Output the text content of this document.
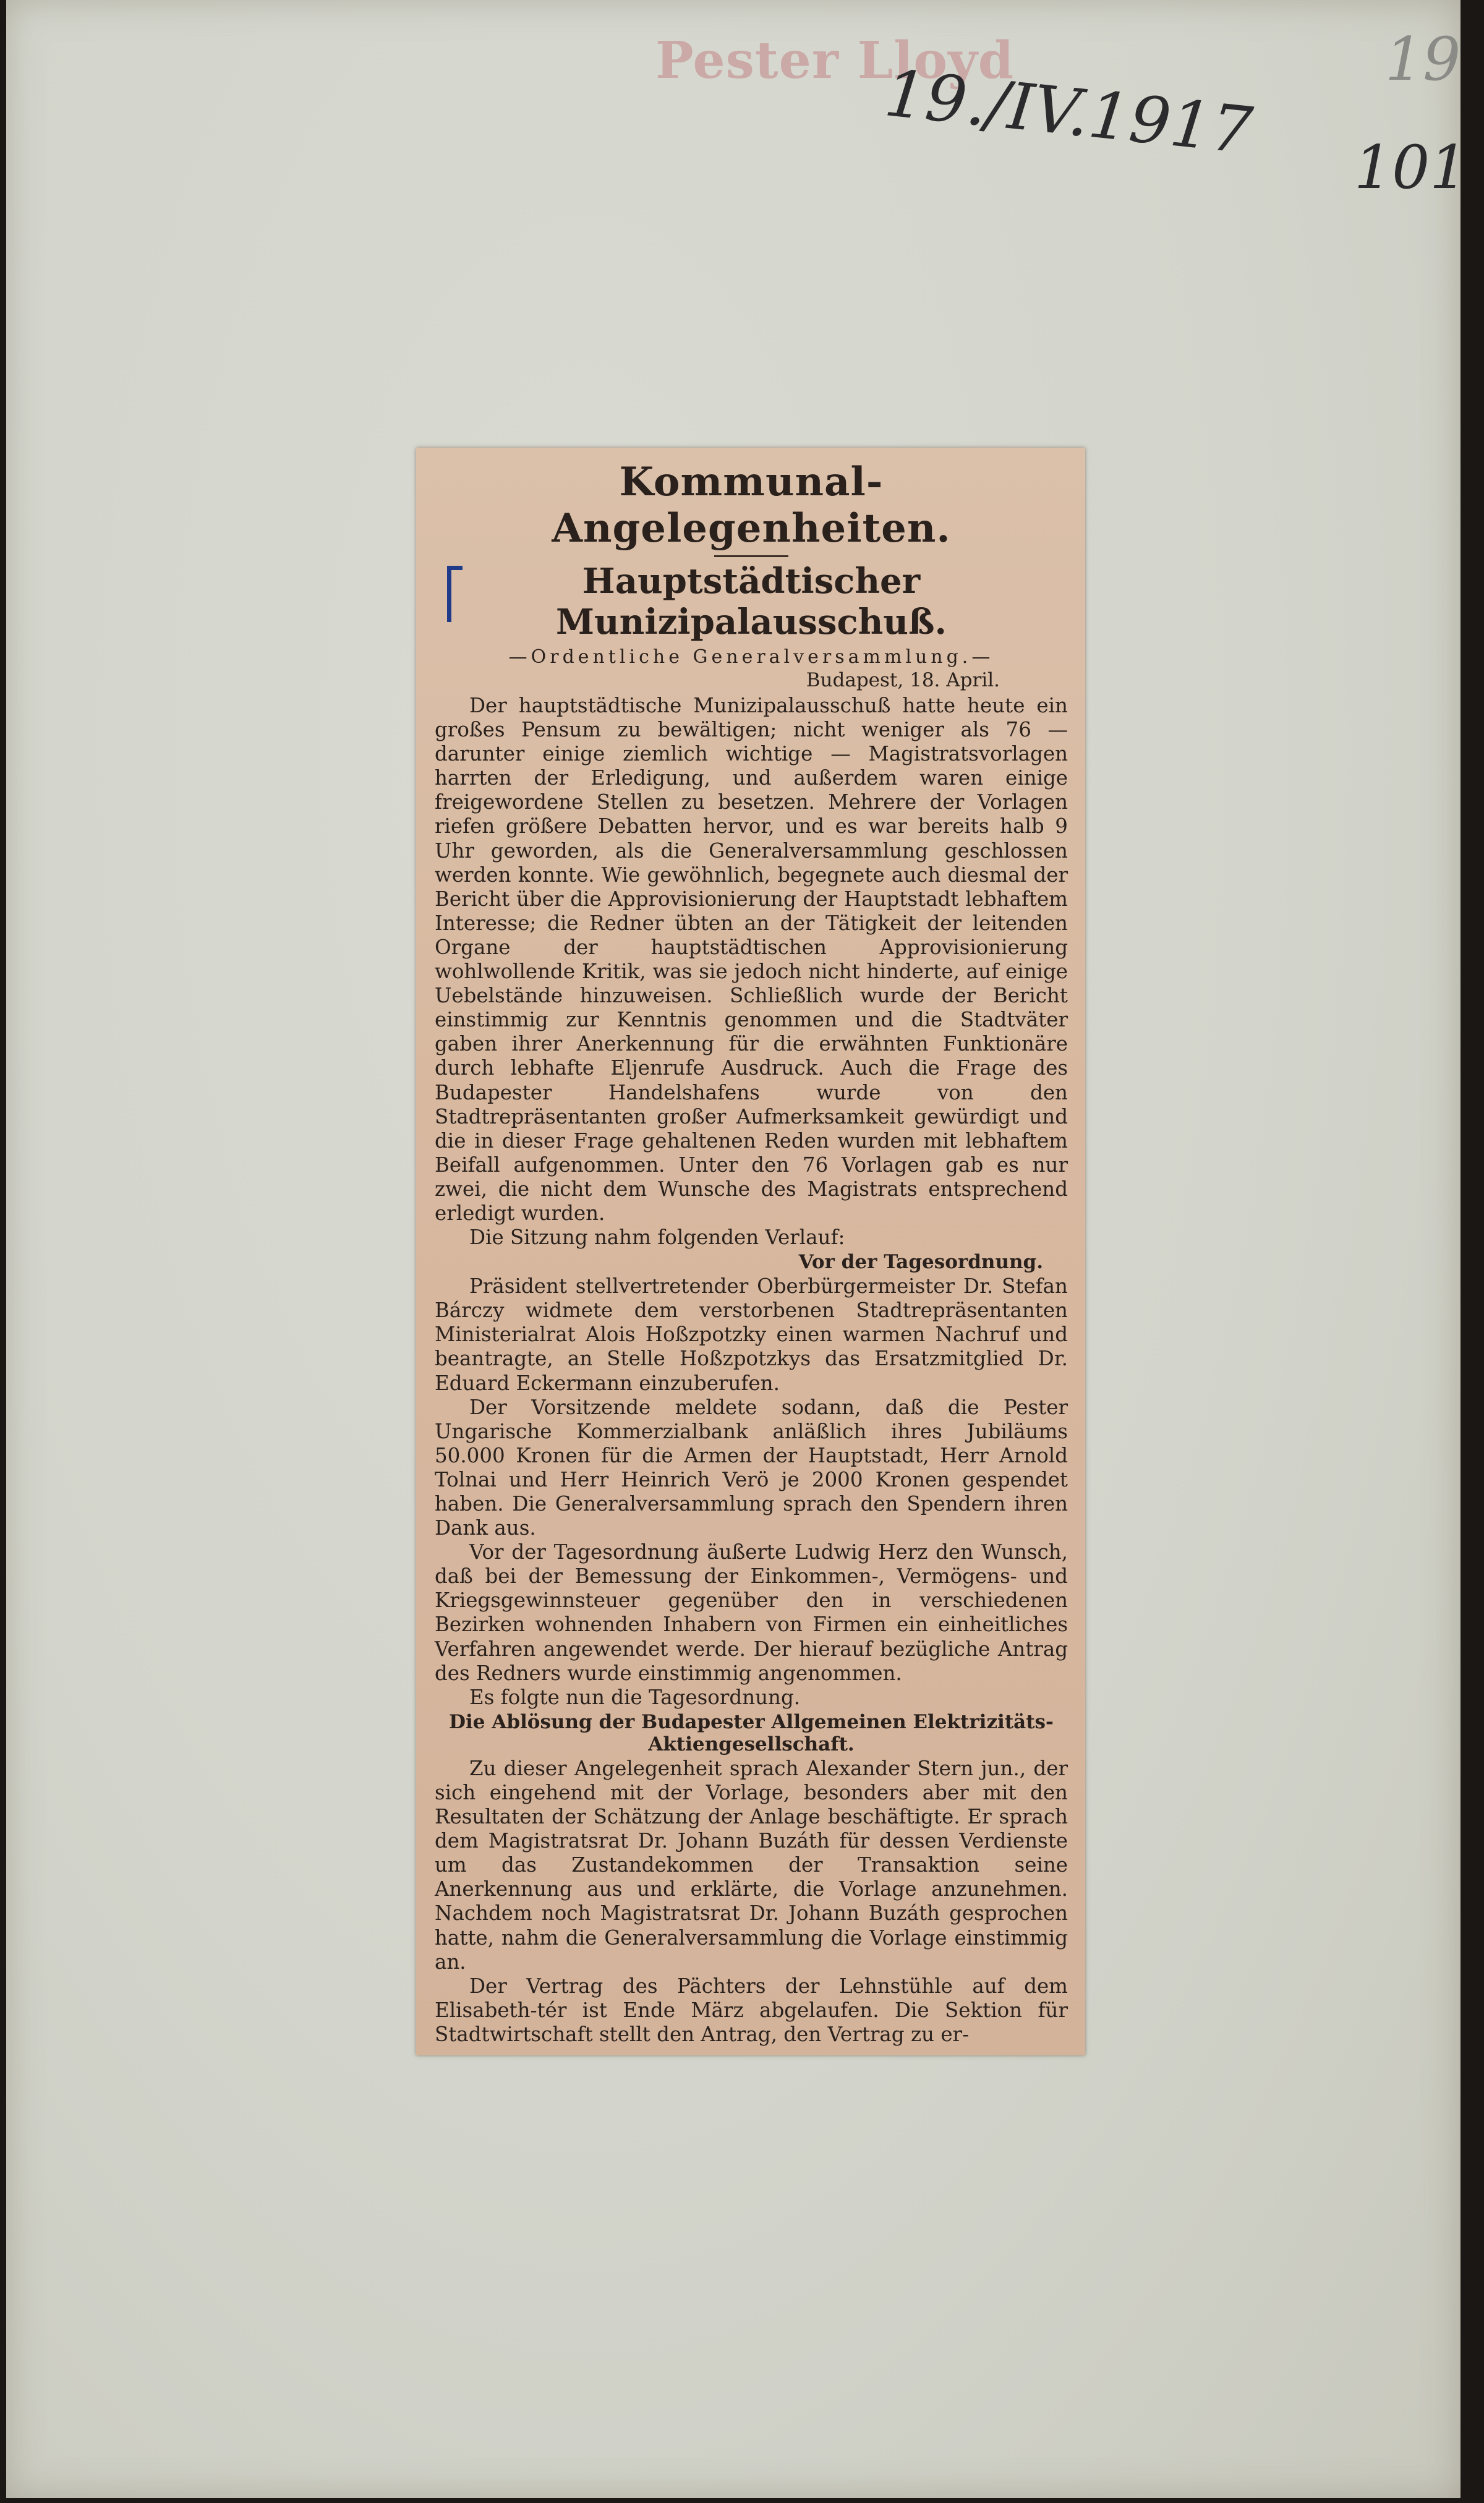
Pester Lloyd	19
19./IV.1917 101
Kommunal-Angelegenheiten.
Hauptstädtischer Munizipalausschuß.
—Ordentliche Generalversammlung.—
Budapest, 18. April.

Der hauptstädtische Munizipalausschuß hatte heute ein großes Pensum zu bewältigen; nicht weniger als 76 — darunter einige ziemlich wichtige — Magistratsvorlagen harrten der Erledigung, und außerdem waren einige freigewordene Stellen zu besetzen. Mehrere der Vorlagen riefen größere Debatten hervor, und es war bereits halb 9 Uhr geworden, als die Generalversammlung geschlossen werden konnte. Wie gewöhnlich, begegnete auch diesmal der Bericht über die Approvisionierung der Hauptstadt lebhaftem Interesse; die Redner übten an der Tätigkeit der leitenden Organe der hauptstädtischen Approvisionierung wohlwollende Kritik, was sie jedoch nicht hinderte, auf einige Uebelstände hinzuweisen. Schließlich wurde der Bericht einstimmig zur Kenntnis genommen und die Stadtväter gaben ihrer Anerkennung für die erwähnten Funktionäre durch lebhafte Eljenrufe Ausdruck. Auch die Frage des Budapester Handelshafens wurde von den Stadtrepräsentanten großer Aufmerksamkeit gewürdigt und die in dieser Frage gehaltenen Reden wurden mit lebhaftem Beifall aufgenommen. Unter den 76 Vorlagen gab es nur zwei, die nicht dem Wunsche des Magistrats entsprechend erledigt wurden.

Die Sitzung nahm folgenden Verlauf:

Vor der Tagesordnung.

Präsident stellvertretender Oberbürgermeister Dr. Stefan Bárczy widmete dem verstorbenen Stadtrepräsentanten Ministerialrat Alois Hoßzpotzky einen warmen Nachruf und beantragte, an Stelle Hoßzpotzkys das Ersatzmitglied Dr. Eduard Eckermann einzuberufen.

Der Vorsitzende meldete sodann, daß die Pester Ungarische Kommerzialbank anläßlich ihres Jubiläums 50.000 Kronen für die Armen der Hauptstadt, Herr Arnold Tolnai und Herr Heinrich Verö je 2000 Kronen gespendet haben. Die Generalversammlung sprach den Spendern ihren Dank aus.

Vor der Tagesordnung äußerte Ludwig Herz den Wunsch, daß bei der Bemessung der Einkommen-, Vermögens- und Kriegsgewinnsteuer gegenüber den in verschiedenen Bezirken wohnenden Inhabern von Firmen ein einheitliches Verfahren angewendet werde. Der hierauf bezügliche Antrag des Redners wurde einstimmig angenommen.

Es folgte nun die Tagesordnung.

Die Ablösung der Budapester Allgemeinen Elektrizitäts-Aktiengesellschaft.

Zu dieser Angelegenheit sprach Alexander Stern jun., der sich eingehend mit der Vorlage, besonders aber mit den Resultaten der Schätzung der Anlage beschäftigte. Er sprach dem Magistratsrat Dr. Johann Buzáth für dessen Verdienste um das Zustandekommen der Transaktion seine Anerkennung aus und erklärte, die Vorlage anzunehmen. Nachdem noch Magistratsrat Dr. Johann Buzáth gesprochen hatte, nahm die Generalversammlung die Vorlage einstimmig an.

Der Vertrag des Pächters der Lehnstühle auf dem Elisabeth-tér ist Ende März abgelaufen. Die Sektion für Stadtwirtschaft stellt den Antrag, den Vertrag zu er-
